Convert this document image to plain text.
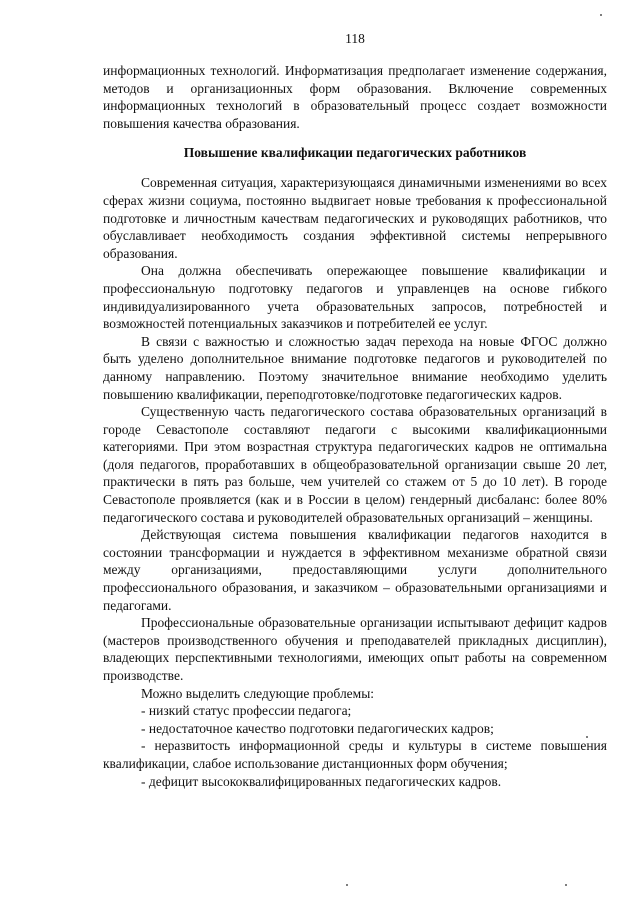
118

информационных технологий. Информатизация предполагает изменение содержания, методов и организационных форм образования. Включение современных информационных технологий в образовательный процесс создает возможности повышения качества образования.

Повышение квалификации педагогических работников

Современная ситуация, характеризующаяся динамичными изменениями во всех сферах жизни социума, постоянно выдвигает новые требования к профессиональной подготовке и личностным качествам педагогических и руководящих работников, что обуславливает необходимость создания эффективной системы непрерывного образования.

Она должна обеспечивать опережающее повышение квалификации и профессиональную подготовку педагогов и управленцев на основе гибкого индивидуализированного учета образовательных запросов, потребностей и возможностей потенциальных заказчиков и потребителей ее услуг.

В связи с важностью и сложностью задач перехода на новые ФГОС должно быть уделено дополнительное внимание подготовке педагогов и руководителей по данному направлению. Поэтому значительное внимание необходимо уделить повышению квалификации, переподготовке/подготовке педагогических кадров.

Существенную часть педагогического состава образовательных организаций в городе Севастополе составляют педагоги с высокими квалификационными категориями. При этом возрастная структура педагогических кадров не оптимальна (доля педагогов, проработавших в общеобразовательной организации свыше 20 лет, практически в пять раз больше, чем учителей со стажем от 5 до 10 лет). В городе Севастополе проявляется (как и в России в целом) гендерный дисбаланс: более 80% педагогического состава и руководителей образовательных организаций – женщины.

Действующая система повышения квалификации педагогов находится в состоянии трансформации и нуждается в эффективном механизме обратной связи между организациями, предоставляющими услуги дополнительного профессионального образования, и заказчиком – образовательными организациями и педагогами.

Профессиональные образовательные организации испытывают дефицит кадров (мастеров производственного обучения и преподавателей прикладных дисциплин), владеющих перспективными технологиями, имеющих опыт работы на современном производстве.

Можно выделить следующие проблемы:

- низкий статус профессии педагога;

- недостаточное качество подготовки педагогических кадров;

- неразвитость информационной среды и культуры в системе повышения квалификации, слабое использование дистанционных форм обучения;

- дефицит высококвалифицированных педагогических кадров.
